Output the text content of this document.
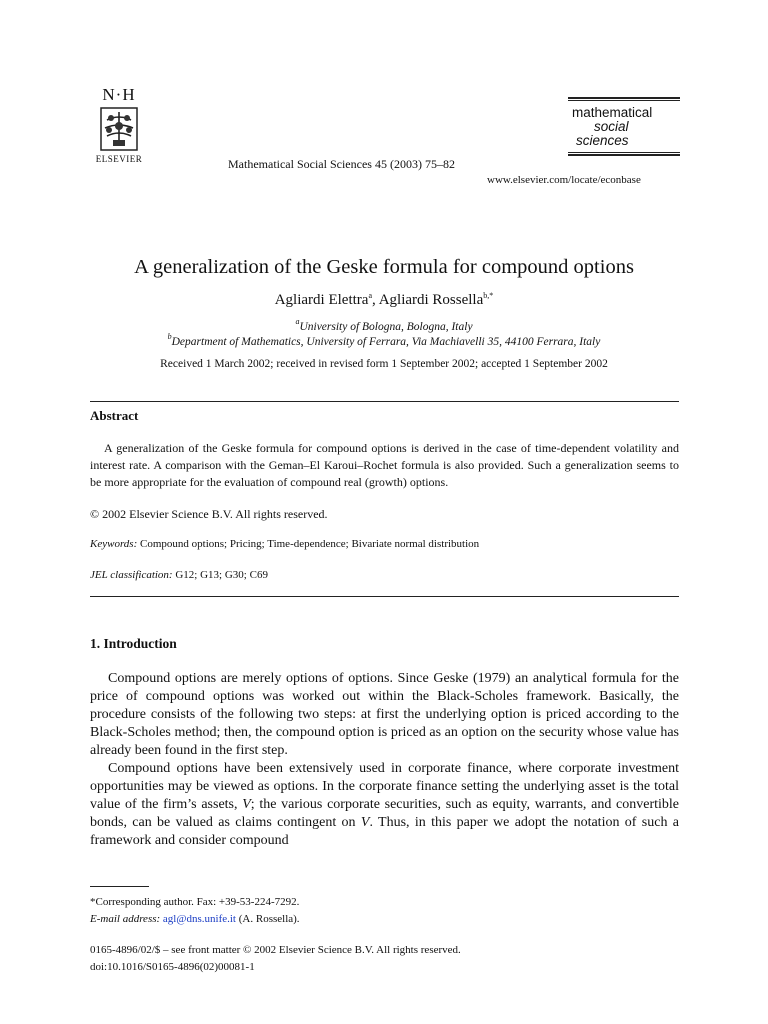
N·H
ELSEVIER	Mathematical Social Sciences 45 (2003) 75–82
mathematical
social
sciences
www.elsevier.com/locate/econbase
A generalization of the Geske formula for compound options
Agliardi Elettra$^a$, Agliardi Rossella$^{b,*}$
$^a$University of Bologna, Bologna, Italy
$^b$Department of Mathematics, University of Ferrara, Via Machiavelli 35, 44100 Ferrara, Italy
Received 1 March 2002; received in revised form 1 September 2002; accepted 1 September 2002
Abstract
A generalization of the Geske formula for compound options is derived in the case of time-dependent volatility and interest rate. A comparison with the Geman–El Karoui–Rochet formula is also provided. Such a generalization seems to be more appropriate for the evaluation of compound real (growth) options.
© 2002 Elsevier Science B.V. All rights reserved.
Keywords: Compound options; Pricing; Time-dependence; Bivariate normal distribution
JEL classification: G12; G13; G30; C69
1. Introduction

Compound options are merely options of options. Since Geske (1979) an analytical formula for the price of compound options was worked out within the Black-Scholes framework. Basically, the procedure consists of the following two steps: at first the underlying option is priced according to the Black-Scholes method; then, the compound option is priced as an option on the security whose value has already been found in the first step.

Compound options have been extensively used in corporate finance, where corporate investment opportunities may be viewed as options. In the corporate finance setting the underlying asset is the total value of the firm’s assets, V; the various corporate securities, such as equity, warrants, and convertible bonds, can be valued as claims contingent on V. Thus, in this paper we adopt the notation of such a framework and consider compound

*Corresponding author. Fax: +39-53-224-7292.
E-mail address: agl@dns.unife.it (A. Rossella).
0165-4896/02/$ – see front matter © 2002 Elsevier Science B.V. All rights reserved.
doi:10.1016/S0165-4896(02)00081-1
